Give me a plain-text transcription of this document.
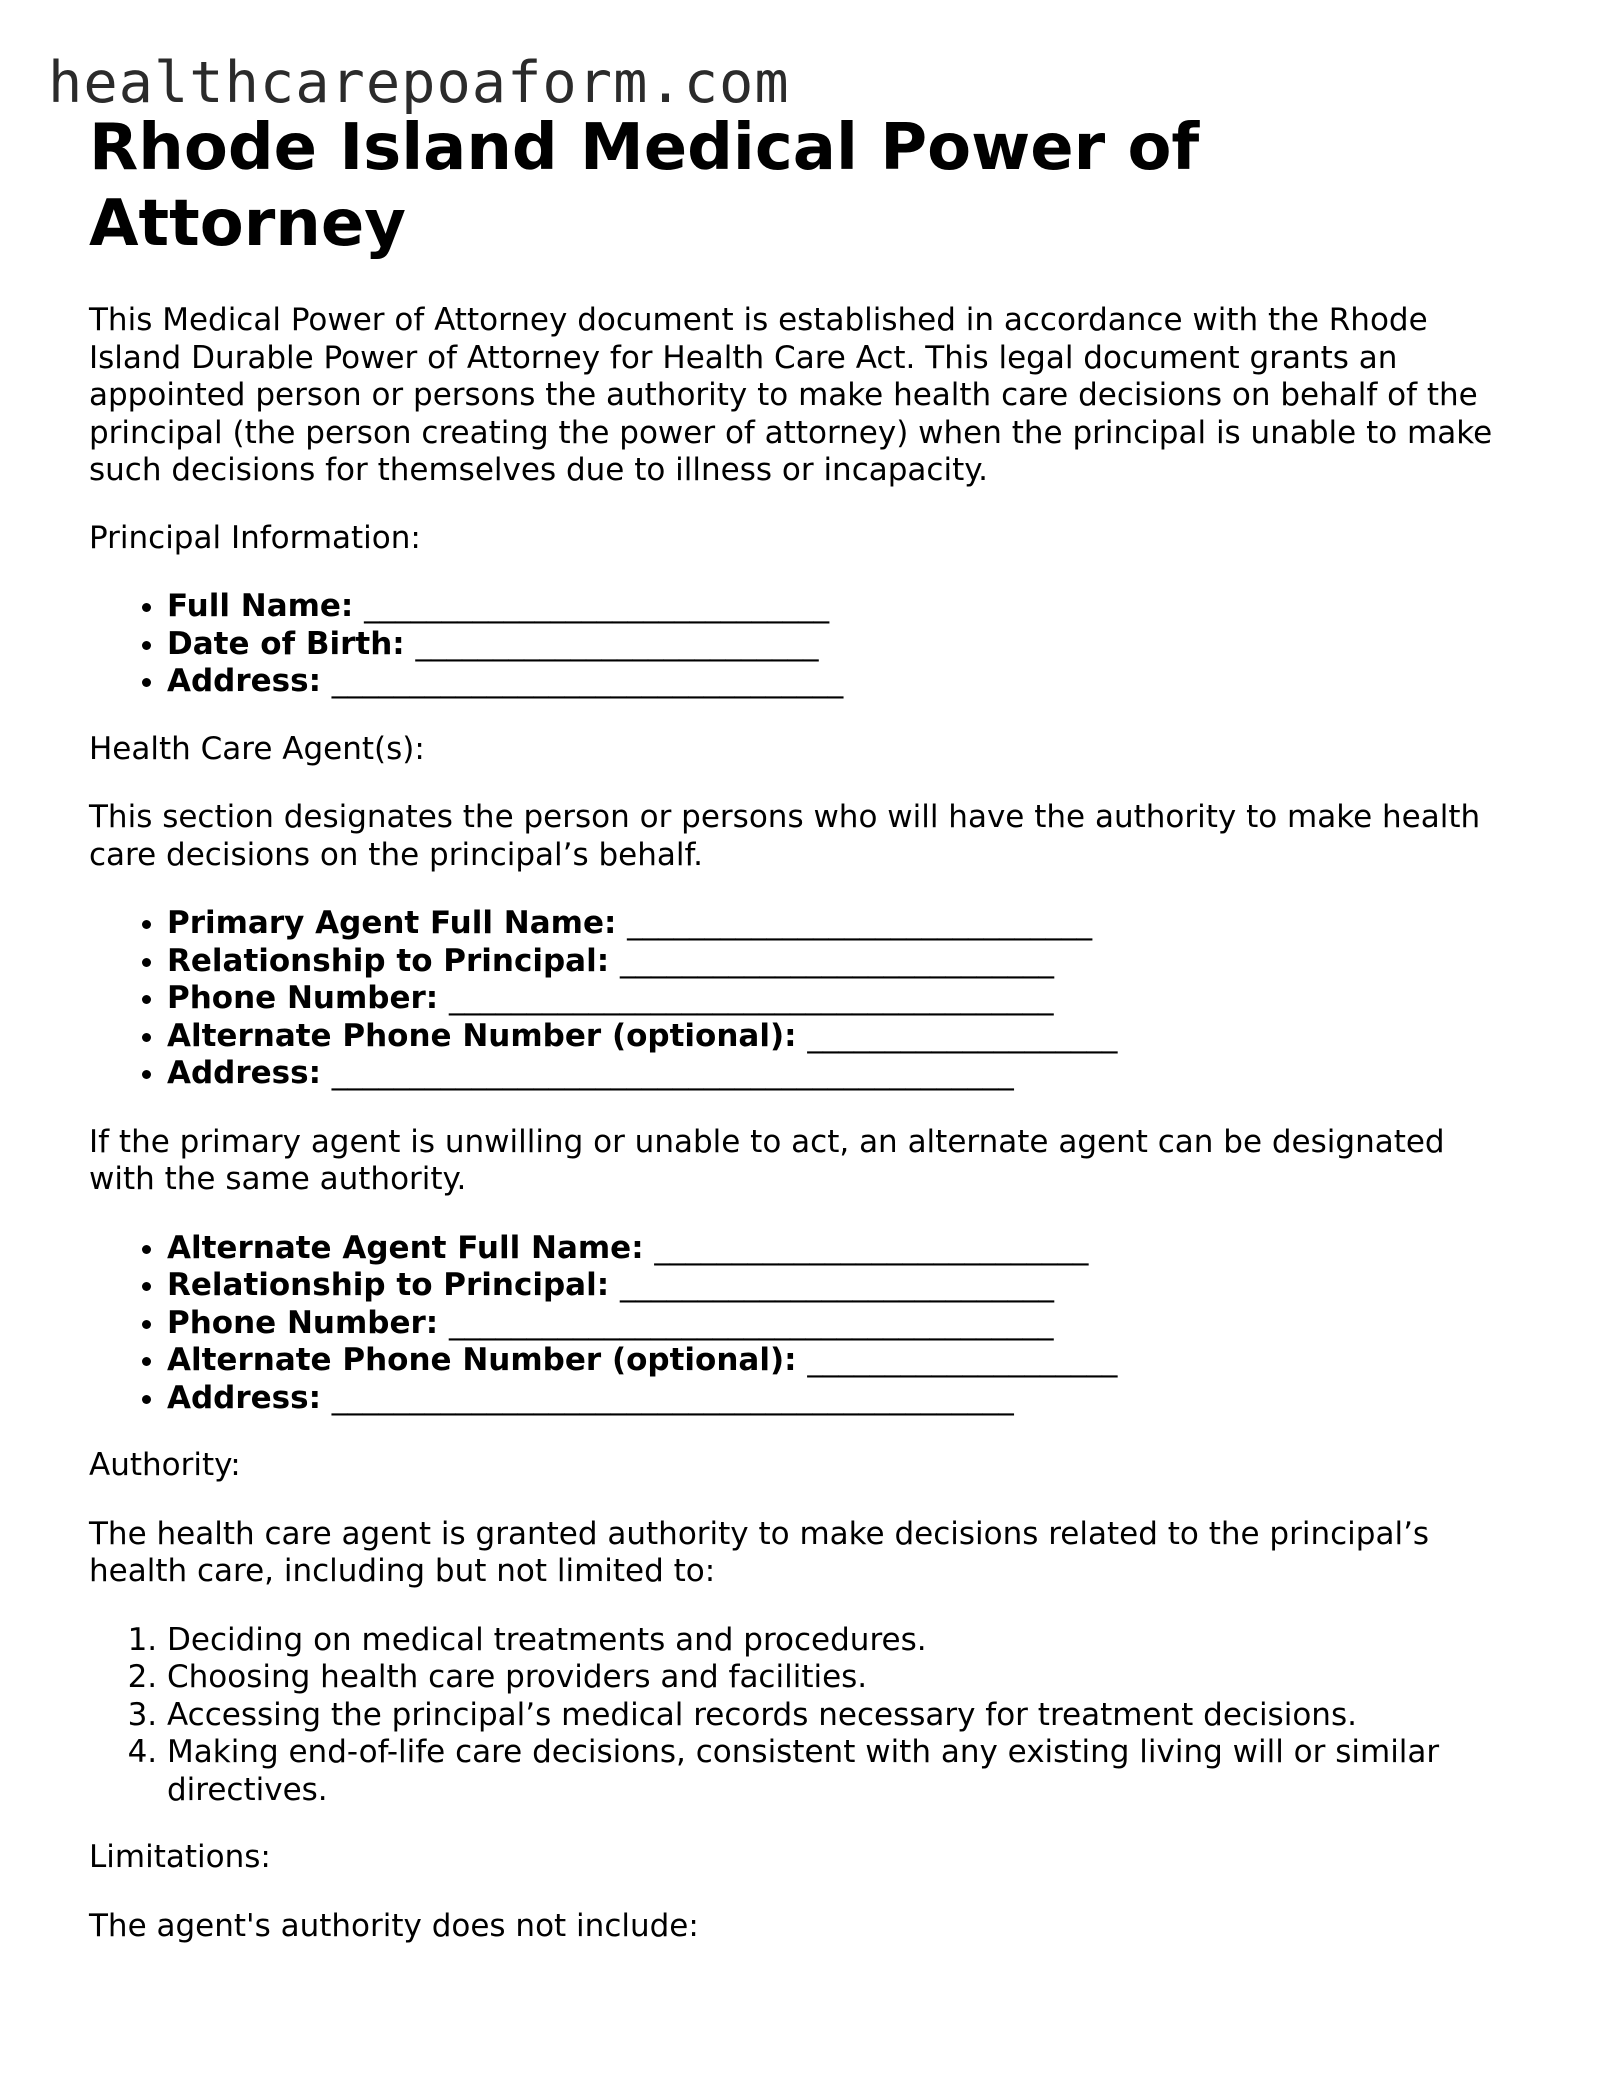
healthcarepoaform.com
Rhode Island Medical Power of Attorney

This Medical Power of Attorney document is established in accordance with the Rhode Island Durable Power of Attorney for Health Care Act. This legal document grants an appointed person or persons the authority to make health care decisions on behalf of the principal (the person creating the power of attorney) when the principal is unable to make such decisions for themselves due to illness or incapacity.

Principal Information:

• Full Name: ______________________________
• Date of Birth: __________________________
• Address: _________________________________

Health Care Agent(s):

This section designates the person or persons who will have the authority to make health care decisions on the principal’s behalf.

• Primary Agent Full Name: ______________________________
• Relationship to Principal: ____________________________
• Phone Number: _______________________________________
• Alternate Phone Number (optional): ____________________
• Address: ____________________________________________

If the primary agent is unwilling or unable to act, an alternate agent can be designated with the same authority.

• Alternate Agent Full Name: ____________________________
• Relationship to Principal: ____________________________
• Phone Number: _______________________________________
• Alternate Phone Number (optional): ____________________
• Address: ____________________________________________

Authority:

The health care agent is granted authority to make decisions related to the principal’s health care, including but not limited to:

1. Deciding on medical treatments and procedures.
2. Choosing health care providers and facilities.
3. Accessing the principal’s medical records necessary for treatment decisions.
4. Making end-of-life care decisions, consistent with any existing living will or similar directives.

Limitations:

The agent's authority does not include:
